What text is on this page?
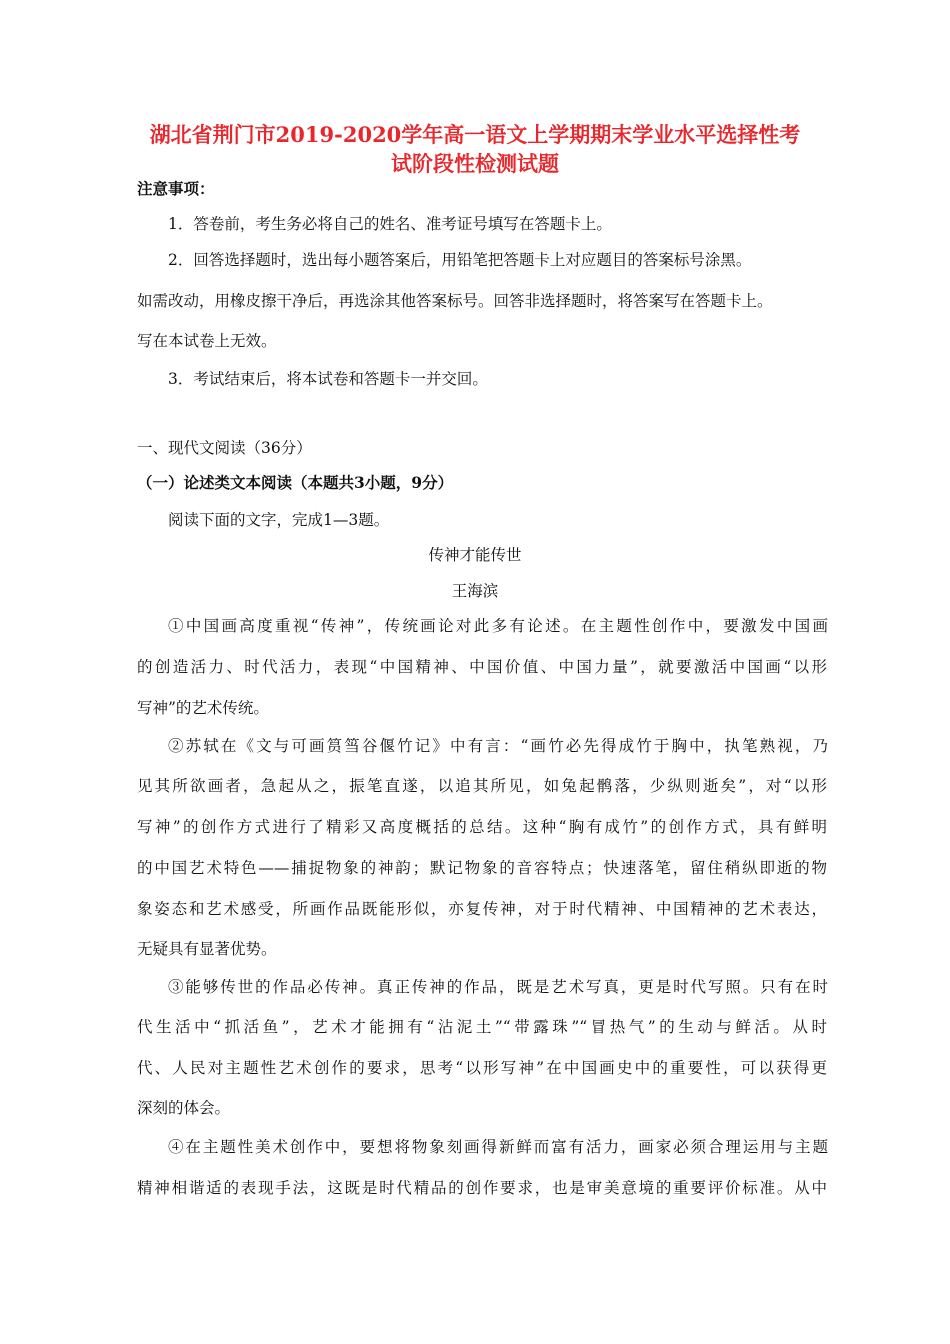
湖北省荆门市2019-2020学年高一语文上学期期末学业水平选择性考
试阶段性检测试题

注意事项：

1．答卷前，考生务必将自己的姓名、准考证号填写在答题卡上。

2．回答选择题时，选出每小题答案后，用铅笔把答题卡上对应题目的答案标号涂黑。

如需改动，用橡皮擦干净后，再选涂其他答案标号。回答非选择题时，将答案写在答题卡上。

写在本试卷上无效。

3．考试结束后，将本试卷和答题卡一并交回。

一、现代文阅读（36分）

（一）论述类文本阅读（本题共3小题，9分）

阅读下面的文字，完成1—3题。

传神才能传世

王海滨

①中国画高度重视“传神”，传统画论对此多有论述。在主题性创作中，要激发中国画

的创造活力、时代活力，表现“中国精神、中国价值、中国力量”，就要激活中国画“以形

写神”的艺术传统。

②苏轼在《文与可画筼筜谷偃竹记》中有言：“画竹必先得成竹于胸中，执笔熟视，乃

见其所欲画者，急起从之，振笔直遂，以追其所见，如兔起鹘落，少纵则逝矣”，对“以形

写神”的创作方式进行了精彩又高度概括的总结。这种“胸有成竹”的创作方式，具有鲜明

的中国艺术特色——捕捉物象的神韵；默记物象的音容特点；快速落笔，留住稍纵即逝的物

象姿态和艺术感受，所画作品既能形似，亦复传神，对于时代精神、中国精神的艺术表达，

无疑具有显著优势。

③能够传世的作品必传神。真正传神的作品，既是艺术写真，更是时代写照。只有在时

代生活中“抓活鱼”，艺术才能拥有“沾泥土”“带露珠”“冒热气”的生动与鲜活。从时

代、人民对主题性艺术创作的要求，思考“以形写神”在中国画史中的重要性，可以获得更

深刻的体会。

④在主题性美术创作中，要想将物象刻画得新鲜而富有活力，画家必须合理运用与主题

精神相谐适的表现手法，这既是时代精品的创作要求，也是审美意境的重要评价标准。从中
